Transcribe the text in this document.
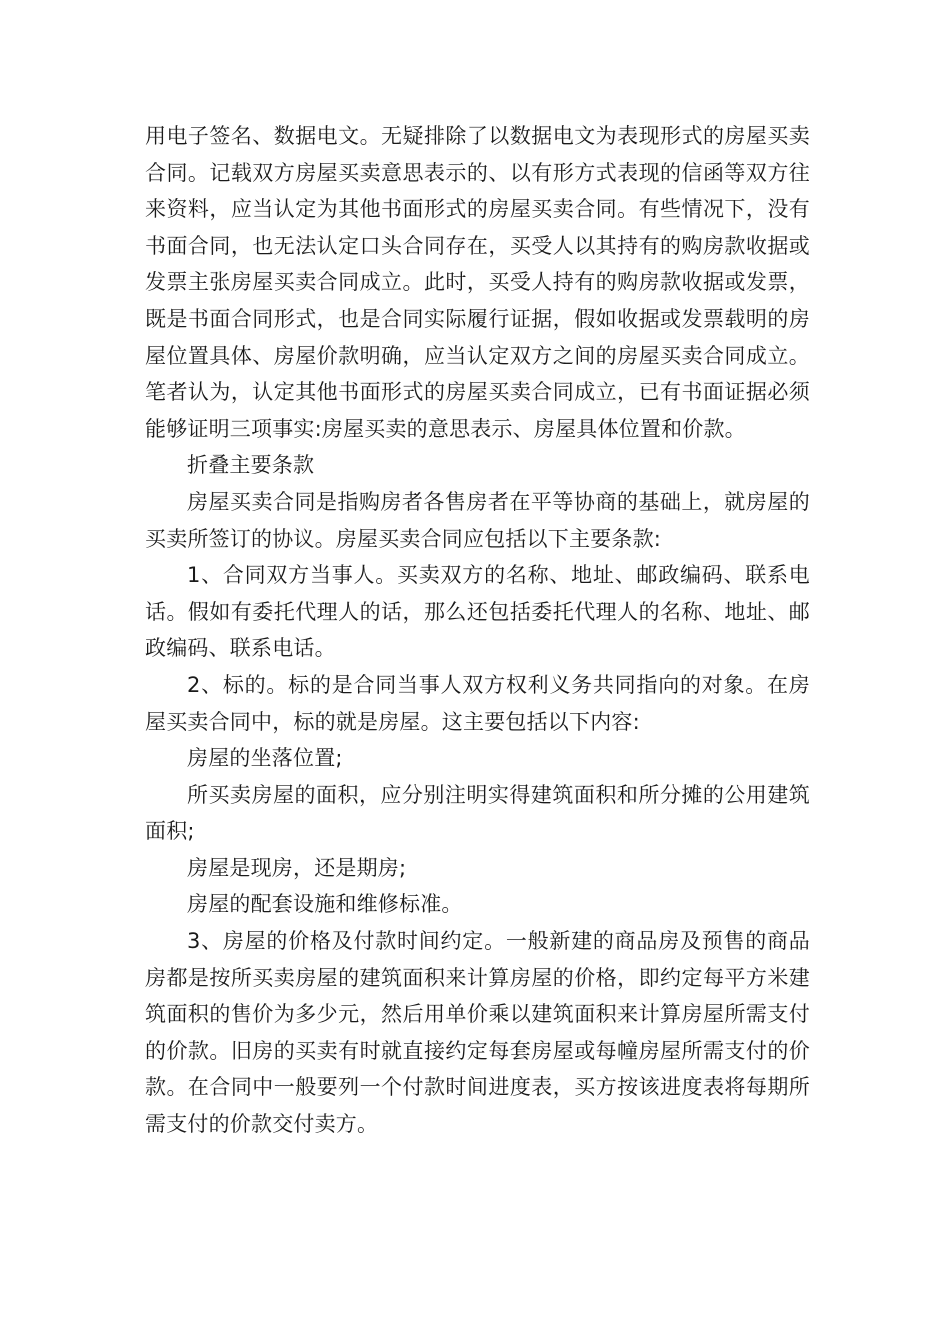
用电子签名、数据电文。无疑排除了以数据电文为表现形式的房屋买卖合同。记载双方房屋买卖意思表示的、以有形方式表现的信函等双方往来资料，应当认定为其他书面形式的房屋买卖合同。有些情况下，没有书面合同，也无法认定口头合同存在，买受人以其持有的购房款收据或发票主张房屋买卖合同成立。此时，买受人持有的购房款收据或发票，既是书面合同形式，也是合同实际履行证据，假如收据或发票载明的房屋位置具体、房屋价款明确，应当认定双方之间的房屋买卖合同成立。笔者认为，认定其他书面形式的房屋买卖合同成立，已有书面证据必须能够证明三项事实:房屋买卖的意思表示、房屋具体位置和价款。

折叠主要条款

房屋买卖合同是指购房者各售房者在平等协商的基础上，就房屋的买卖所签订的协议。房屋买卖合同应包括以下主要条款:

1、合同双方当事人。买卖双方的名称、地址、邮政编码、联系电话。假如有委托代理人的话，那么还包括委托代理人的名称、地址、邮政编码、联系电话。

2、标的。标的是合同当事人双方权利义务共同指向的对象。在房屋买卖合同中，标的就是房屋。这主要包括以下内容:

房屋的坐落位置;

所买卖房屋的面积，应分别注明实得建筑面积和所分摊的公用建筑面积;

房屋是现房，还是期房;

房屋的配套设施和维修标准。

3、房屋的价格及付款时间约定。一般新建的商品房及预售的商品房都是按所买卖房屋的建筑面积来计算房屋的价格，即约定每平方米建筑面积的售价为多少元，然后用单价乘以建筑面积来计算房屋所需支付的价款。旧房的买卖有时就直接约定每套房屋或每幢房屋所需支付的价款。在合同中一般要列一个付款时间进度表，买方按该进度表将每期所需支付的价款交付卖方。
